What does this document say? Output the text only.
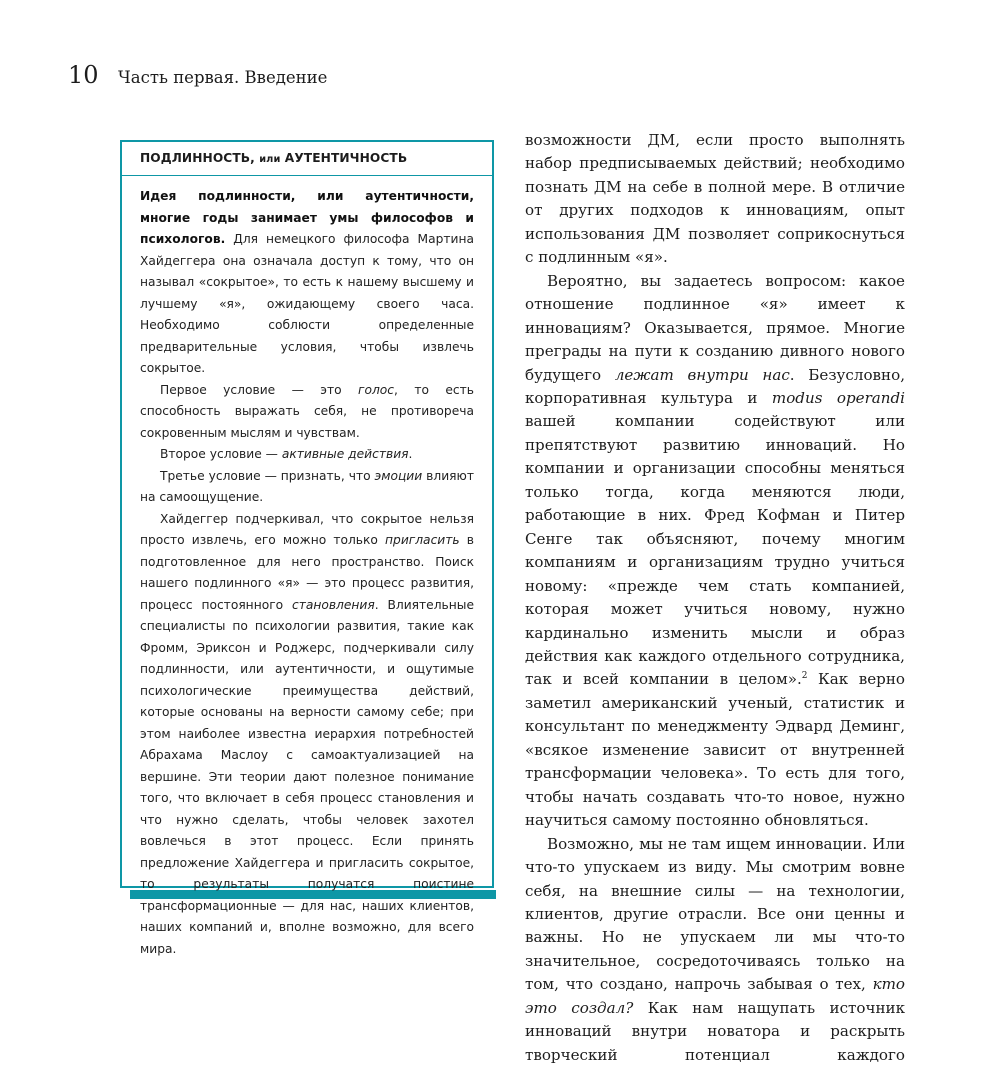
10 Часть первая. Введение
ПОДЛИННОСТЬ, или АУТЕНТИЧНОСТЬ

Идея подлинности, или аутентичности, многие годы занимает умы философов и психологов. Для немецкого философа Мартина Хайдеггера она означала доступ к тому, что он называл «сокрытое», то есть к нашему высшему и лучшему «я», ожидающему своего часа. Необходимо соблюсти определенные предварительные условия, чтобы извлечь сокрытое.

Первое условие — это голос, то есть способность выражать себя, не противореча сокровенным мыслям и чувствам.

Второе условие — активные действия.

Третье условие — признать, что эмоции влияют на самоощущение.

Хайдеггер подчеркивал, что сокрытое нельзя просто извлечь, его можно только пригласить в подготовленное для него пространство. Поиск нашего подлинного «я» — это процесс развития, процесс постоянного становления. Влиятельные специалисты по психологии развития, такие как Фромм, Эриксон и Роджерс, подчеркивали силу подлинности, или аутентичности, и ощутимые психологические преимущества действий, которые основаны на верности самому себе; при этом наиболее известна иерархия потребностей Абрахама Маслоу с самоактуализацией на вершине. Эти теории дают полезное понимание того, что включает в себя процесс становления и что нужно сделать, чтобы человек захотел вовлечься в этот процесс. Если принять предложение Хайдеггера и пригласить сокрытое, то результаты получатся поистине трансформационные — для нас, наших клиентов, наших компаний и, вполне возможно, для всего мира.

возможности ДМ, если просто выполнять набор предписываемых действий; необходимо познать ДМ на себе в полной мере. В отличие от других подходов к инновациям, опыт использования ДМ позволяет соприкоснуться с подлинным «я».

Вероятно, вы задаетесь вопросом: какое отношение подлинное «я» имеет к инновациям? Оказывается, прямое. Многие преграды на пути к созданию дивного нового будущего лежат внутри нас. Безусловно, корпоративная культура и modus operandi вашей компании содействуют или препятствуют развитию инноваций. Но компании и организации способны меняться только тогда, когда меняются люди, работающие в них. Фред Кофман и Питер Сенге так объясняют, почему многим компаниям и организациям трудно учиться новому: «прежде чем стать компанией, которая может учиться новому, нужно кардинально изменить мысли и образ действия как каждого отдельного сотрудника, так и всей компании в целом».$^2$ Как верно заметил американский ученый, статистик и консультант по менеджменту Эдвард Деминг, «всякое изменение зависит от внутренней трансформации человека». То есть для того, чтобы начать создавать что-то новое, нужно научиться самому постоянно обновляться.

Возможно, мы не там ищем инновации. Или что-то упускаем из виду. Мы смотрим вовне себя, на внешние силы — на технологии, клиентов, другие отрасли. Все они ценны и важны. Но не упускаем ли мы что-то значительное, сосредоточиваясь только на том, что создано, напрочь забывая о тех, кто это создал? Как нам нащупать источник инноваций внутри новатора и раскрыть творческий потенциал каждого
